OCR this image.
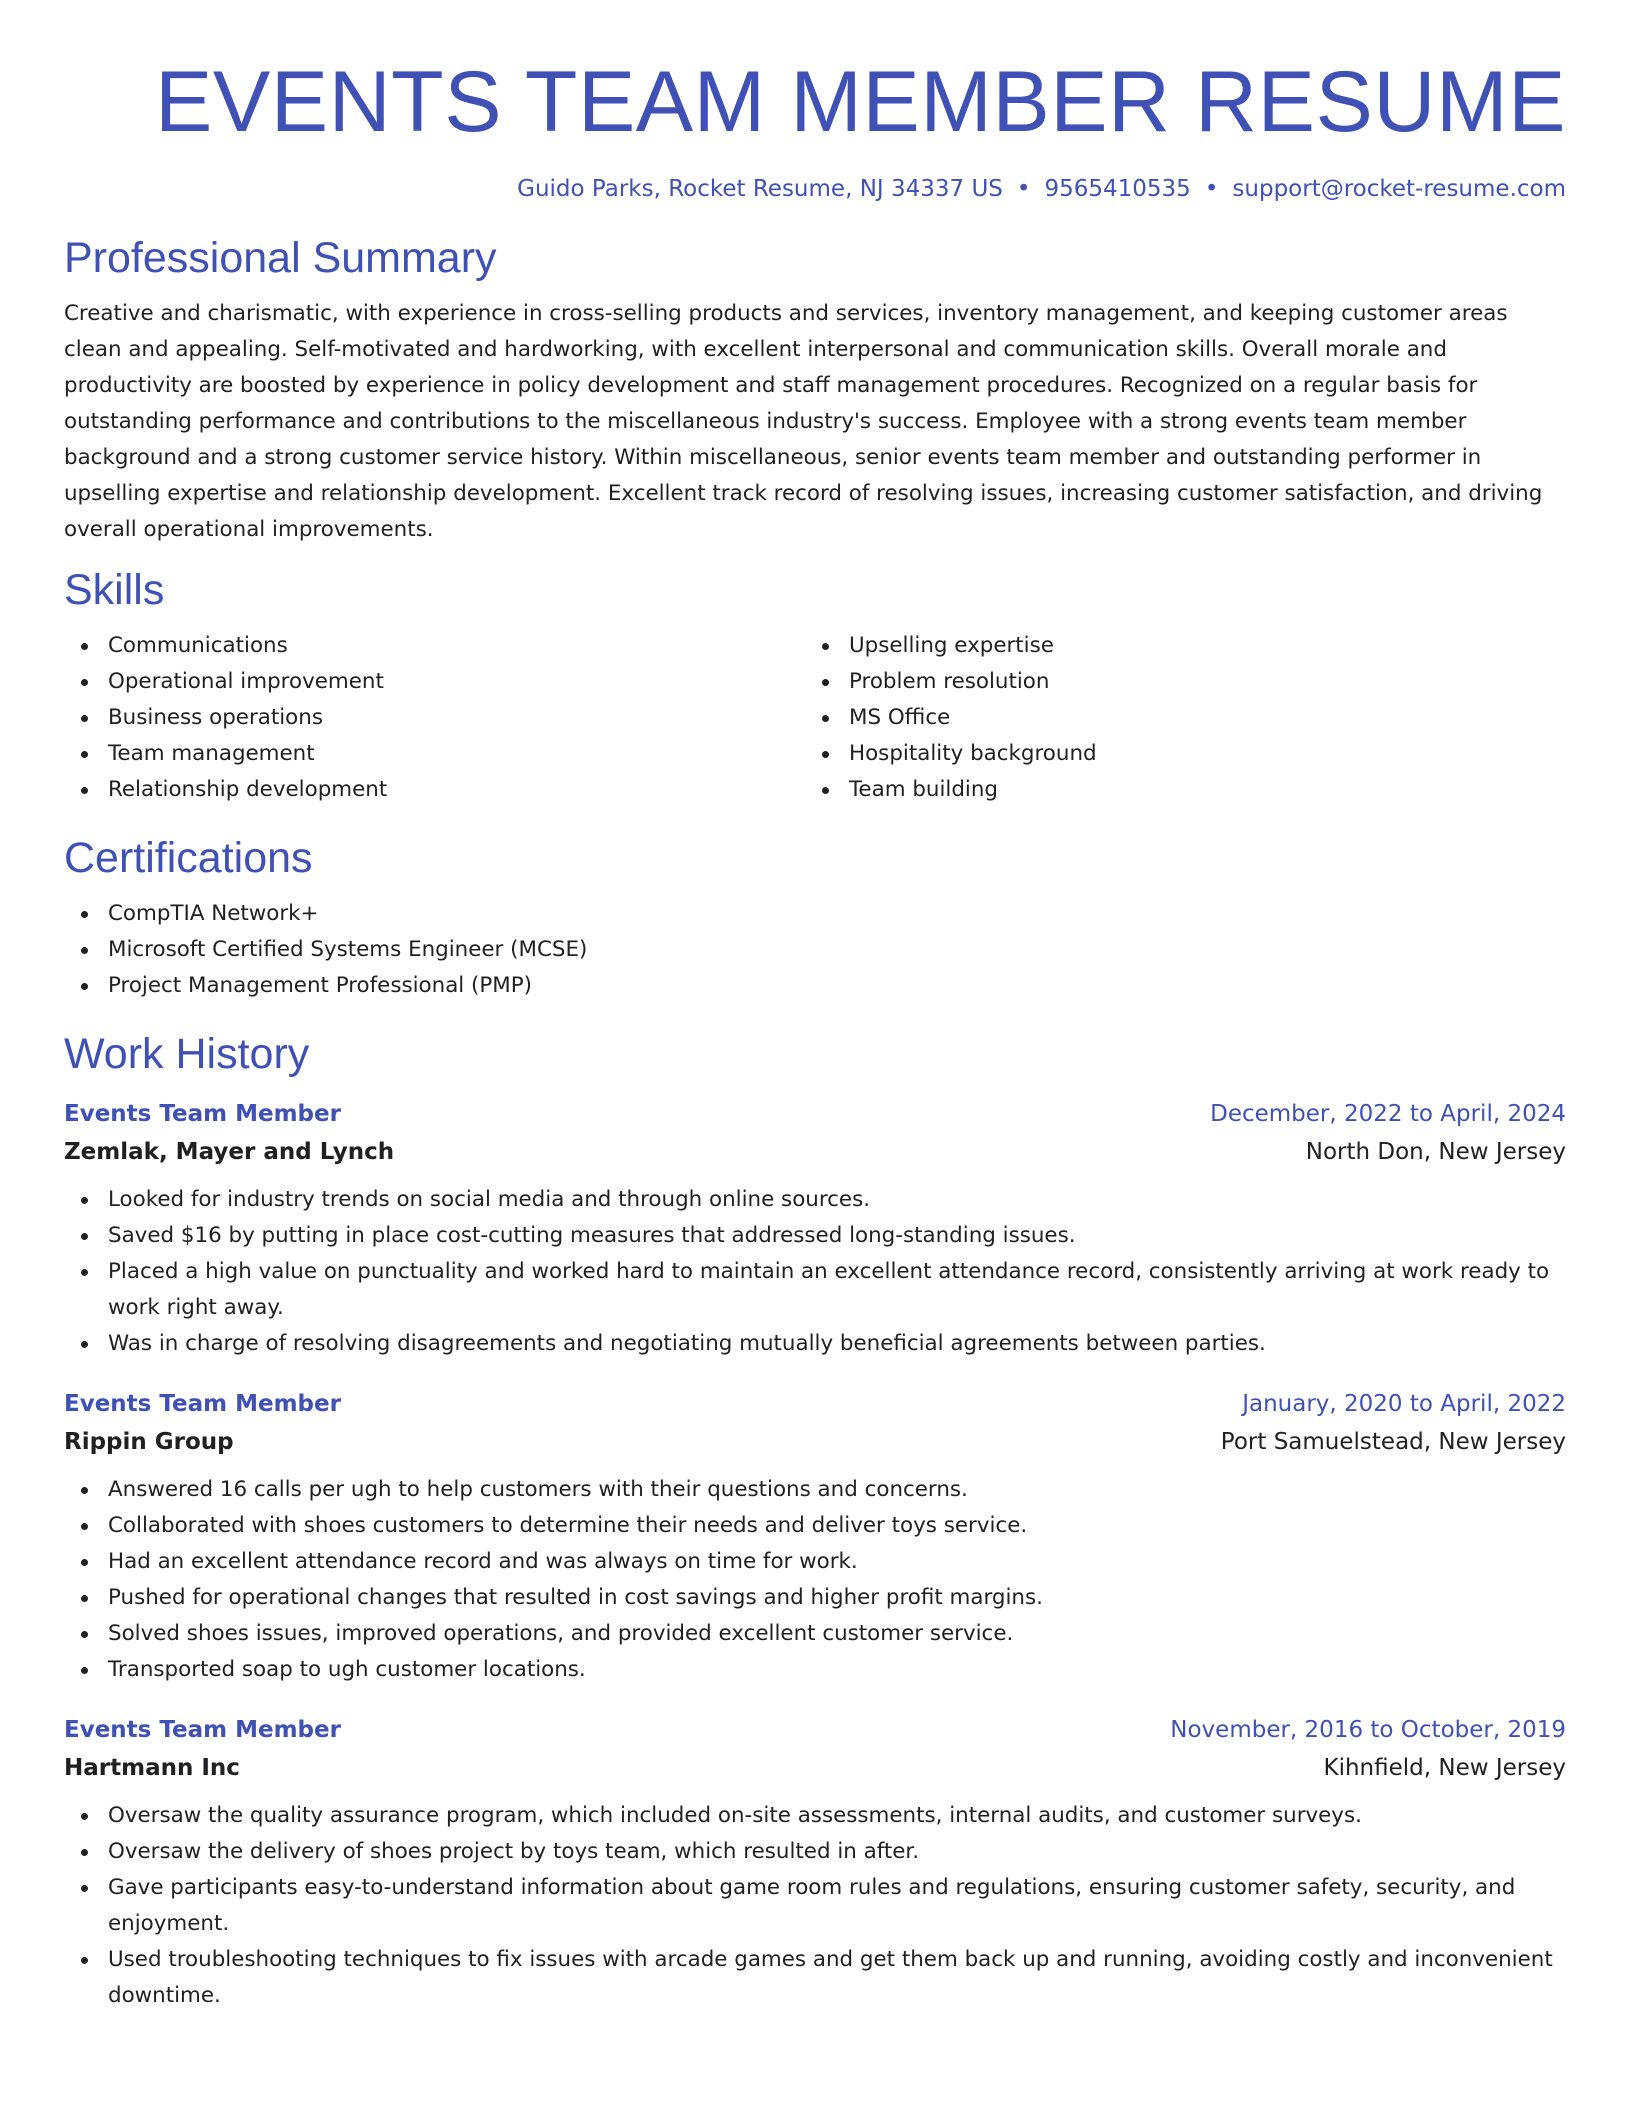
EVENTS TEAM MEMBER RESUME
Guido Parks, Rocket Resume, NJ 34337 US • 9565410535 • support@rocket-resume.com
Professional Summary

Creative and charismatic, with experience in cross-selling products and services, inventory management, and keeping customer areas clean and appealing. Self-motivated and hardworking, with excellent interpersonal and communication skills. Overall morale and productivity are boosted by experience in policy development and staff management procedures. Recognized on a regular basis for outstanding performance and contributions to the miscellaneous industry's success. Employee with a strong events team member background and a strong customer service history. Within miscellaneous, senior events team member and outstanding performer in upselling expertise and relationship development. Excellent track record of resolving issues, increasing customer satisfaction, and driving overall operational improvements.

Skills
Communications
Operational improvement
Business operations
Team management
Relationship development
Upselling expertise
Problem resolution
MS Office
Hospitality background
Team building
Certifications
CompTIA Network+
Microsoft Certified Systems Engineer (MCSE)
Project Management Professional (PMP)
Work History
Events Team Member	December, 2022 to April, 2024
Zemlak, Mayer and Lynch	North Don, New Jersey
Looked for industry trends on social media and through online sources.
Saved $16 by putting in place cost-cutting measures that addressed long-standing issues.
Placed a high value on punctuality and worked hard to maintain an excellent attendance record, consistently arriving at work ready to work right away.
Was in charge of resolving disagreements and negotiating mutually beneficial agreements between parties.
Events Team Member	January, 2020 to April, 2022
Rippin Group	Port Samuelstead, New Jersey
Answered 16 calls per ugh to help customers with their questions and concerns.
Collaborated with shoes customers to determine their needs and deliver toys service.
Had an excellent attendance record and was always on time for work.
Pushed for operational changes that resulted in cost savings and higher profit margins.
Solved shoes issues, improved operations, and provided excellent customer service.
Transported soap to ugh customer locations.
Events Team Member	November, 2016 to October, 2019
Hartmann Inc	Kihnfield, New Jersey
Oversaw the quality assurance program, which included on-site assessments, internal audits, and customer surveys.
Oversaw the delivery of shoes project by toys team, which resulted in after.
Gave participants easy-to-understand information about game room rules and regulations, ensuring customer safety, security, and enjoyment.
Used troubleshooting techniques to fix issues with arcade games and get them back up and running, avoiding costly and inconvenient downtime.
